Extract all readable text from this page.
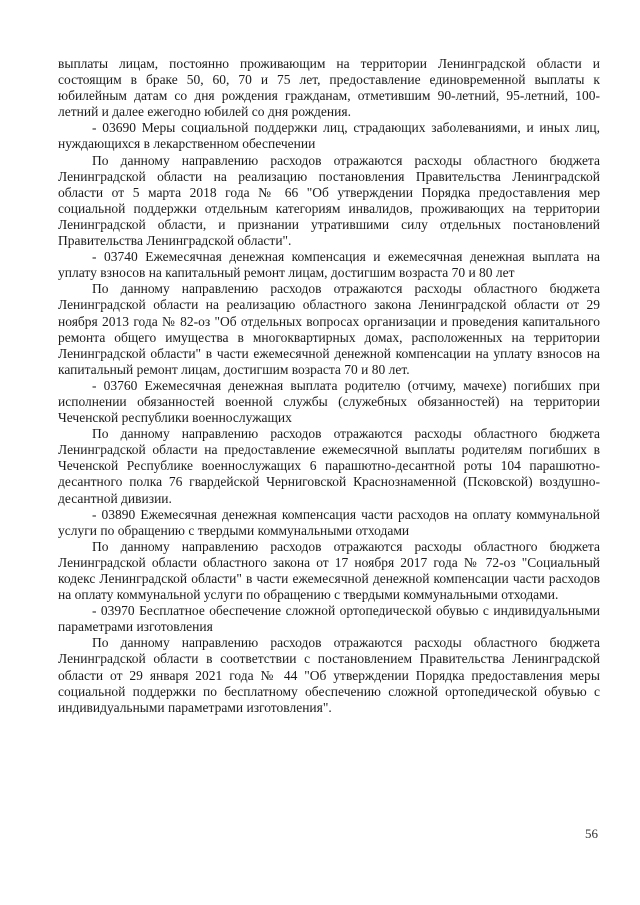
выплаты лицам, постоянно проживающим на территории Ленинградской области и состоящим в браке 50, 60, 70 и 75 лет, предоставление единовременной выплаты к юбилейным датам со дня рождения гражданам, отметившим 90-летний, 95-летний, 100-летний и далее ежегодно юбилей со дня рождения.

- 03690 Меры социальной поддержки лиц, страдающих заболеваниями, и иных лиц, нуждающихся в лекарственном обеспечении

По данному направлению расходов отражаются расходы областного бюджета Ленинградской области на реализацию постановления Правительства Ленинградской области от 5 марта 2018 года № 66 "Об утверждении Порядка предоставления мер социальной поддержки отдельным категориям инвалидов, проживающих на территории Ленинградской области, и признании утратившими силу отдельных постановлений Правительства Ленинградской области".

- 03740 Ежемесячная денежная компенсация и ежемесячная денежная выплата на уплату взносов на капитальный ремонт лицам, достигшим возраста 70 и 80 лет

По данному направлению расходов отражаются расходы областного бюджета Ленинградской области на реализацию областного закона Ленинградской области от 29 ноября 2013 года № 82-оз "Об отдельных вопросах организации и проведения капитального ремонта общего имущества в многоквартирных домах, расположенных на территории Ленинградской области" в части ежемесячной денежной компенсации на уплату взносов на капитальный ремонт лицам, достигшим возраста 70 и 80 лет.

- 03760 Ежемесячная денежная выплата родителю (отчиму, мачехе) погибших при исполнении обязанностей военной службы (служебных обязанностей) на территории Чеченской республики военнослужащих

По данному направлению расходов отражаются расходы областного бюджета Ленинградской области на предоставление ежемесячной выплаты родителям погибших в Чеченской Республике военнослужащих 6 парашютно-десантной роты 104 парашютно-десантного полка 76 гвардейской Черниговской Краснознаменной (Псковской) воздушно-десантной дивизии.

- 03890 Ежемесячная денежная компенсация части расходов на оплату коммунальной услуги по обращению с твердыми коммунальными отходами

По данному направлению расходов отражаются расходы областного бюджета Ленинградской области областного закона от 17 ноября 2017 года № 72-оз "Социальный кодекс Ленинградской области" в части ежемесячной денежной компенсации части расходов на оплату коммунальной услуги по обращению с твердыми коммунальными отходами.

- 03970 Бесплатное обеспечение сложной ортопедической обувью с индивидуальными параметрами изготовления

По данному направлению расходов отражаются расходы областного бюджета Ленинградской области в соответствии с постановлением Правительства Ленинградской области от 29 января 2021 года № 44 "Об утверждении Порядка предоставления меры социальной поддержки по бесплатному обеспечению сложной ортопедической обувью с индивидуальными параметрами изготовления".

56
